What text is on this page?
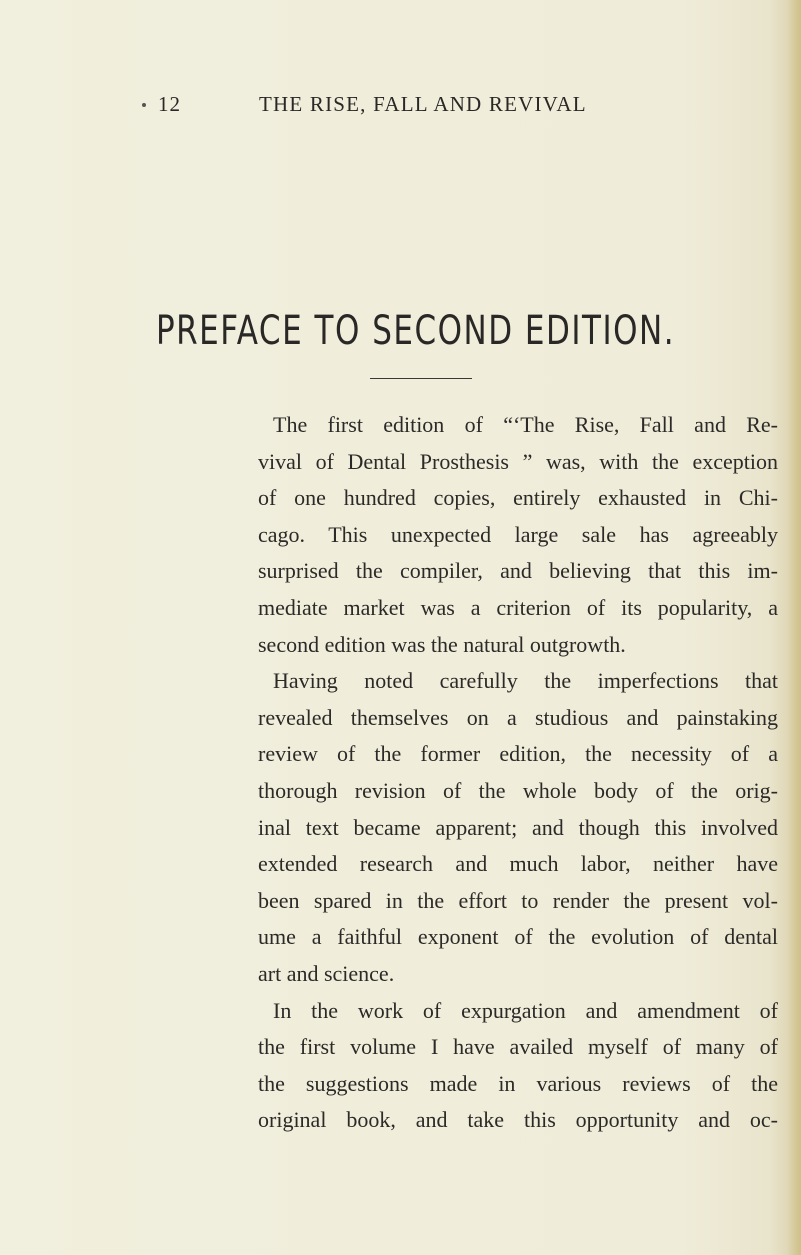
12	THE RISE, FALL AND REVIVAL
PREFACE TO SECOND EDITION.
The first edition of “‘The Rise, Fall and Re-
vival of Dental Prosthesis ” was, with the exception
of one hundred copies, entirely exhausted in Chi-
cago. This unexpected large sale has agreeably
surprised the compiler, and believing that this im-
mediate market was a criterion of its popularity, a
second edition was the natural outgrowth.
Having noted carefully the imperfections that
revealed themselves on a studious and painstaking
review of the former edition, the necessity of a
thorough revision of the whole body of the orig-
inal text became apparent; and though this involved
extended research and much labor, neither have
been spared in the effort to render the present vol-
ume a faithful exponent of the evolution of dental
art and science.
In the work of expurgation and amendment of
the first volume I have availed myself of many of
the suggestions made in various reviews of the
original book, and take this opportunity and oc-
